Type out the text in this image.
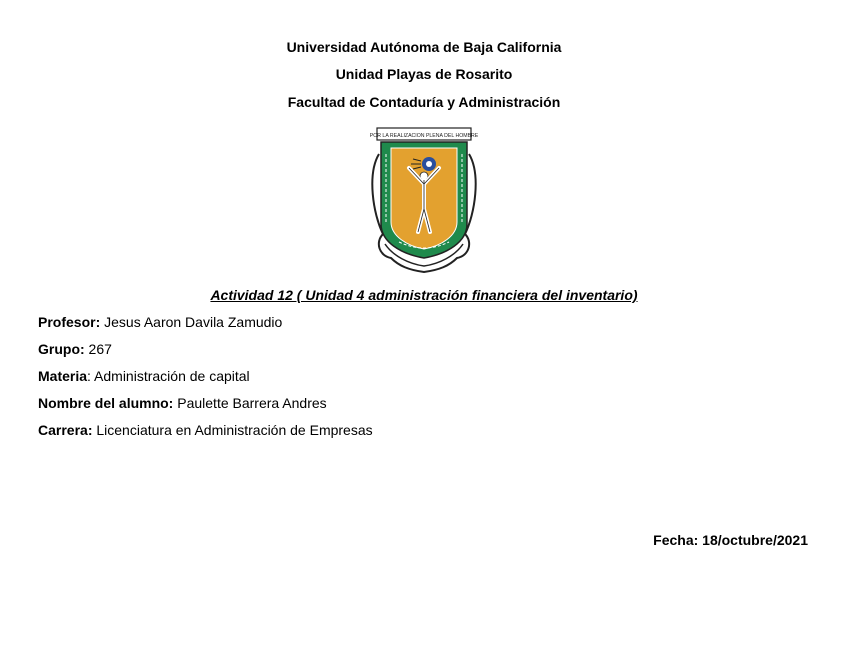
Universidad Autónoma de Baja California
Unidad Playas de Rosarito
Facultad de Contaduría y Administración
POR LA REALIZACION PLENA DEL HOMBRE
Actividad 12 ( Unidad 4 administración financiera del inventario)
Profesor: Jesus Aaron Davila Zamudio
Grupo: 267
Materia: Administración de capital
Nombre del alumno: Paulette Barrera Andres
Carrera: Licenciatura en Administración de Empresas
Fecha: 18/octubre/2021
